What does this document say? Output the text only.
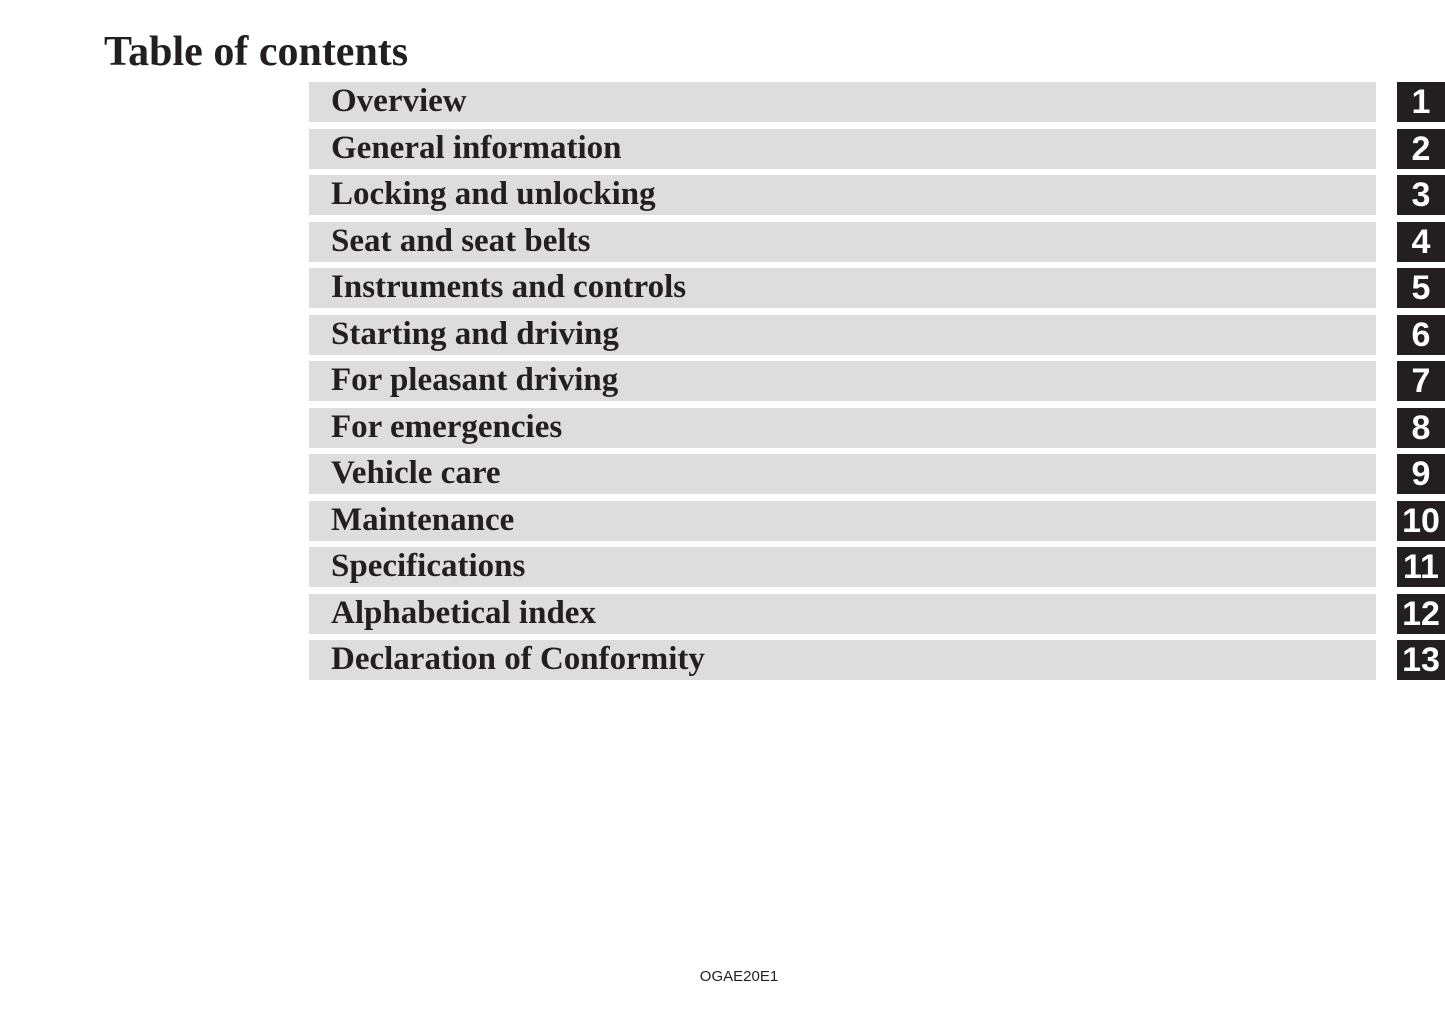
Table of contents
Overview	1
General information	2
Locking and unlocking	3
Seat and seat belts	4
Instruments and controls	5
Starting and driving	6
For pleasant driving	7
For emergencies	8
Vehicle care	9
Maintenance	10
Specifications	11
Alphabetical index	12
Declaration of Conformity	13
OGAE20E1
